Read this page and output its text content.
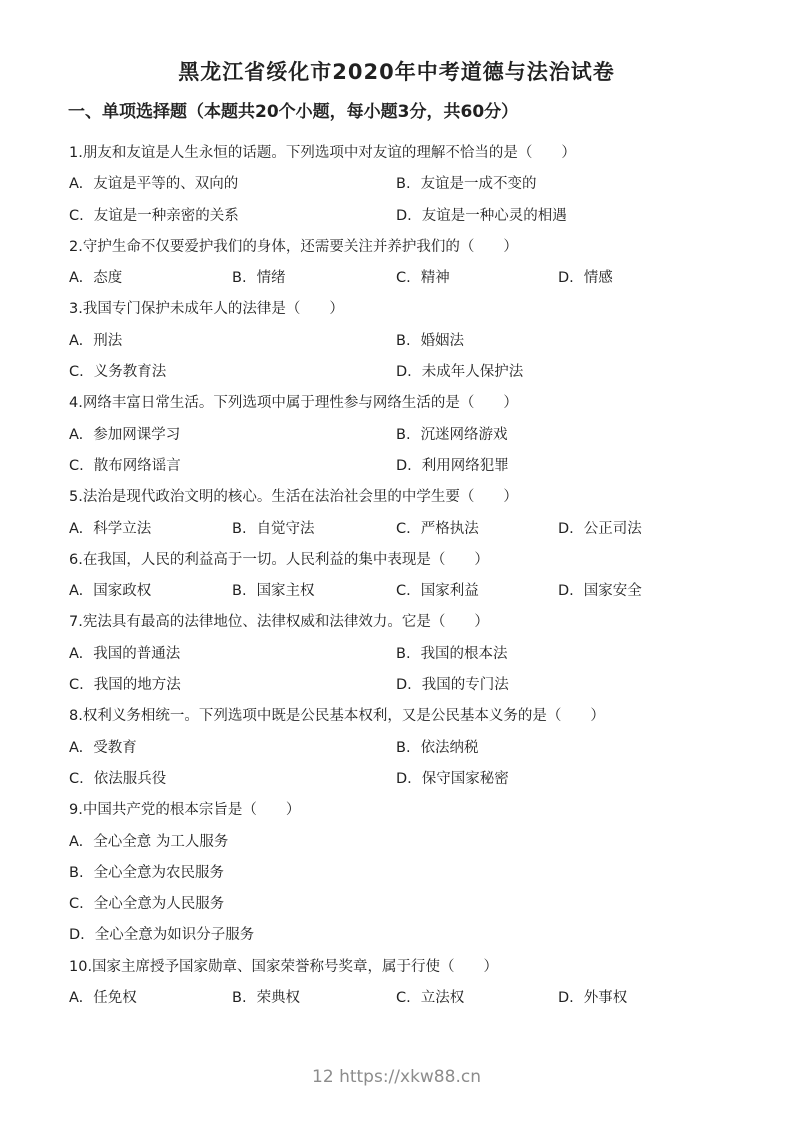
黑龙江省绥化市2020年中考道德与法治试卷
一、单项选择题（本题共20个小题，每小题3分，共60分）
1.朋友和友谊是人生永恒的话题。下列选项中对友谊的理解不恰当的是（　　）
A. 友谊是平等的、双向的	B. 友谊是一成不变的
C. 友谊是一种亲密的关系	D. 友谊是一种心灵的相遇
2.守护生命不仅要爱护我们的身体，还需要关注并养护我们的（　　）
A. 态度	B. 情绪	C. 精神	D. 情感
3.我国专门保护未成年人的法律是（　　）
A. 刑法	B. 婚姻法
C. 义务教育法	D. 未成年人保护法
4.网络丰富日常生活。下列选项中属于理性参与网络生活的是（　　）
A. 参加网课学习	B. 沉迷网络游戏
C. 散布网络谣言	D. 利用网络犯罪
5.法治是现代政治文明的核心。生活在法治社会里的中学生要（　　）
A. 科学立法	B. 自觉守法	C. 严格执法	D. 公正司法
6.在我国，人民的利益高于一切。人民利益的集中表现是（　　）
A. 国家政权	B. 国家主权	C. 国家利益	D. 国家安全
7.宪法具有最高的法律地位、法律权威和法律效力。它是（　　）
A. 我国的普通法	B. 我国的根本法
C. 我国的地方法	D. 我国的专门法
8.权利义务相统一。下列选项中既是公民基本权利，又是公民基本义务的是（　　）
A. 受教育	B. 依法纳税
C. 依法服兵役	D. 保守国家秘密
9.中国共产党的根本宗旨是（　　）
A. 全心全意 为工人服务
B. 全心全意为农民服务
C. 全心全意为人民服务
D. 全心全意为如识分子服务
10.国家主席授予国家勋章、国家荣誉称号奖章，属于行使（　　）
A. 任免权	B. 荣典权	C. 立法权	D. 外事权
12 https://xkw88.cn
